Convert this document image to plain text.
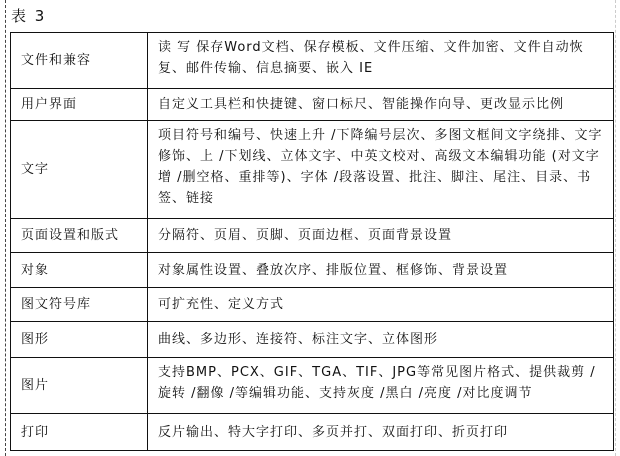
表 3
文件和兼容	读 写 保存Word文档、保存模板、文件压缩、文件加密、文件自动恢复、邮件传输、信息摘要、嵌入 IE
用户界面	自定义工具栏和快捷键、窗口标尺、智能操作向导、更改显示比例
文字	项目符号和编号、快速上升 /下降编号层次、多图文框间文字绕排、文字修饰、上 /下划线、立体文字、中英文校对、高级文本编辑功能 (对文字增 /删空格、重排等)、字体 /段落设置、批注、脚注、尾注、目录、书签、链接
页面设置和版式	分隔符、页眉、页脚、页面边框、页面背景设置
对象	对象属性设置、叠放次序、排版位置、框修饰、背景设置
图文符号库	可扩充性、定义方式
图形	曲线、多边形、连接符、标注文字、立体图形
图片	支持BMP、PCX、GIF、TGA、TIF、JPG等常见图片格式、提供裁剪 /旋转 /翻像 /等编辑功能、支持灰度 /黑白 /亮度 /对比度调节
打印	反片输出、特大字打印、多页并打、双面打印、折页打印
